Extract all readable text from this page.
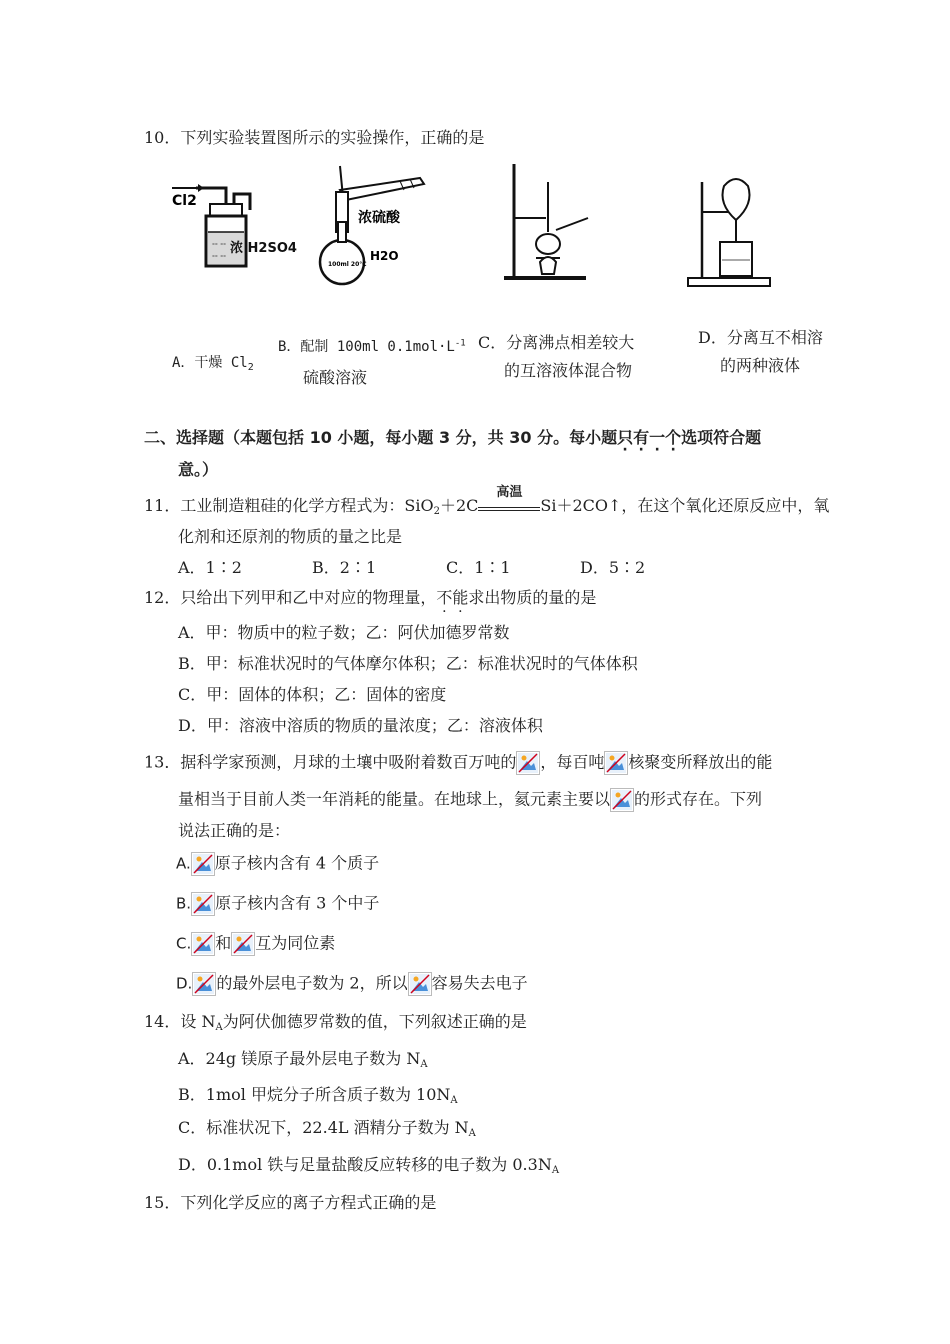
10．下列实验装置图所示的实验操作，正确的是
Cl2
-- --
-- -- 浓 H2SO4
浓硫酸
H2O
100ml 20℃
A．干燥 $Cl_2$
B．配制 100ml $0.1mol\cdot L^{-1}$
硫酸溶液
C．分离沸点相差较大
的互溶液体混合物
D．分离互不相溶
的两种液体
二、选择题（本题包括 10 小题，每小题 3 分，共 30 分。每小题只有一个选项符合题
意。）
11．工业制造粗硅的化学方程式为：SiO$_2$＋2C
高温
Si＋2CO↑，在这个氧化还原反应中，氧
化剂和还原剂的物质的量之比是
A．1∶2	B．2∶1	C．1∶1	D．5∶2
12．只给出下列甲和乙中对应的物理量，不能求出物质的量的是
A．甲：物质中的粒子数；乙：阿伏加德罗常数
B．甲：标准状况时的气体摩尔体积；乙：标准状况时的气体体积
C．甲：固体的体积；乙：固体的密度
D．甲：溶液中溶质的物质的量浓度；乙：溶液体积
13．据科学家预测，月球的土壤中吸附着数百万吨的 ，每百吨 核聚变所释放出的能
量相当于目前人类一年消耗的能量。在地球上，氦元素主要以 的形式存在。下列
说法正确的是：
A. 原子核内含有 4 个质子
B. 原子核内含有 3 个中子
C. 和 互为同位素
D. 的最外层电子数为 2，所以 容易失去电子
14．设 $N_A$为阿伏伽德罗常数的值，下列叙述正确的是
A．24g 镁原子最外层电子数为 $N_A$
B．1mol 甲烷分子所含质子数为 $10N_A$
C．标准状况下，22.4L 酒精分子数为 $N_A$
D．0.1mol 铁与足量盐酸反应转移的电子数为 $0.3N_A$
15．下列化学反应的离子方程式正确的是
